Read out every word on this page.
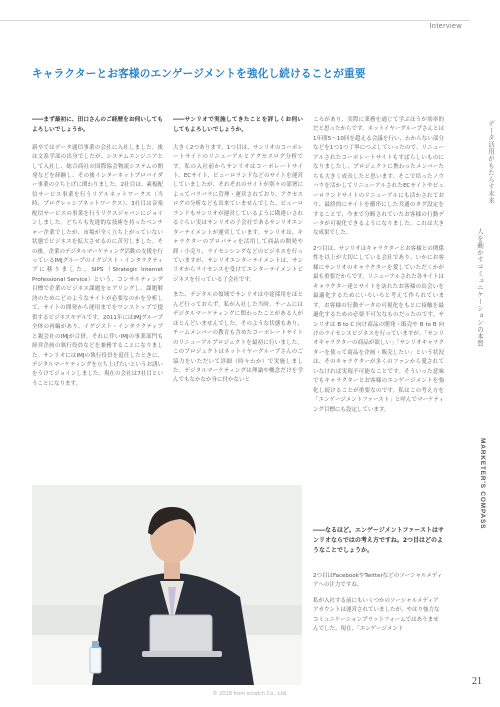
Interview
キャラクターとお客様のエンゲージメントを強化し続けることが重要

――まず最初に、田口さんのご経歴をお伺いしてもよろしいでしょうか。

新卒ではデータ通信事業の会社に入社しました。後は文系学部の出身でしたが、システムエンジニアとして入社し、総合商社の国際協会物流システムの開発などを経験し、その後インターネットプロバイダー事業の立ち上げに関わりました。2社目は、素板配信サービス事業を行うリアルネットワークス（当時、プログレッシブネットワークス）、3社目は音楽配信サービスの事業を行うリクスジャパンにジョインしました。どちらも先進的な技術を持ったベンチャー企業でしたが、市場が全く立ち上がっていない状態でビジネスを拡大させるのに苦労しました。その後、企業のデジタルマーケティング活動の支援を行っているIMJグループのイグジスト・インタラクティブに移りました。SIPS（Strategic Internet Professional Service）という、コンサルティング目標で企業のビジネス課題をヒアリングし、課題解決のためにどのようなサイトが必要なのかを分析して、サイトの開発から運用までをワンストップで提供するビジネスモデルです。2011年にはIMJグループ全体の再編があり、イグジスト・インタラクティブと親会社のIMJが合併。それに伴いIMJの事業部門も経営企画の執行役員などを兼務することになりました。サンリオにはIMJの執行役員を退任したときに、デジタルマーケティングを立ち上げたいというお誘いをうけてジョインしました。現在の会社は7社目ということになります。

――サンリオで実施してきたことを詳しくお伺いしてもよろしいでしょうか。

大きく2つあります。1つ目は、サンリオのコーポレートサイトのリニューアルとアクセスログ分析です。私の入社前からサンリオはコーポレートサイト、ECサイト、ピューロランドなどのサイトを運営していましたが、それぞれのサイトが別々の部署によってバラバラに管理・運営されており、アクセスログの分析なども出来ていませんでした。ピューロランドもサンリオが運営しているように勘違いされるぐらい実はサンリオの子会社であるサンリオエンターテイメントが運営しています。サンリオは、キャラクターのプロパティを活用して商品の開発や卸・小売り、ライセンシングなどのビジネスを行っていますが、サンリオエンターテイメントは、サンリオからライセンスを受けてエンターテイメントビジネスを行っている子会社です。

また、デジタルの領域でサンリオは中途採用をほとんど行っておらず、私が入社した当時、チームにはデジタルマーケティングに関わったことがある人がほとんどいませんでした。そのような状態もあり、チームメンバーの教育も含めたコーポレートサイトのリニューアルプロジェクトを最初に行いました。このプロジェクトはネットイヤーグループさんのご協力をいただいて詳細（時々わか）で実施しました。デジタルマーケティングは理論や概念だけを学んでもなかなか身に付かないと

ころがあり、実際に業務を通じて学ぶほうが効率的だと思ったからです。ネットイヤーグループさんとは1年間5〜10回を超える会議を行い、わからない部分などを1つ1つ丁寧につぶしていったので、リニューアルされたコーポレートサイトもすばらしいものになりましたし、プロジェクトに携わったメンバーたちも大きく成長したと思います。そこで培ったノウハウを活かしてリニューアルされたECサイトやピューロランドサイトのリニューアルにも活かされており、最終的にサイトを横串にした共通のタグ設定をすることで、今まで分断されていたお客様の行動データが可視化できるようになりました。これは大きな成果でした。

2つ目は、サンリオはキャラクターとお客様との関係性を以上が大切にしている会社であり、いかにお客様にサンリオのキャラクターを愛していただくかが最も重要だからです。リニューアルされた各サイトはキャラクター達とサイトを訪れたお客様の出会いを最適化するためにいろいろと考えて作られています。お客様の行動データの可視化をもとに接触を最適化するための必要不可欠なものだったのです。サンリオは B to C 向け商品の開発・販売や B to B 向けのライセンスビジネスを行っていますが、「サンリオキャラクターの商品が欲しい」「サンリオキャラクターを使って商品を企画・販売したい」という状況は、そのキャラクターが多くのファンから愛されていなければ実現不可能なことです。そういった意味でもキャラクターとお客様のエンゲージメントを強化し続けることが重要なのです。私はこの考え方を「エンゲージメントファースト」と呼んでマーケティング目標にも設定しています。

――なるほど。エンゲージメントファーストはサンリオならではの考え方ですね。2つ目はどのようなことでしょうか。

2つ目はFacebookやTwitterなどのソーシャルメディアへの注力ですね。

私が入社する前にもいくつかのソーシャルメディアアカウントは運営されていましたが、やはり強力なコミュニケーションプラットフォームではありませんでした。現在、「エンゲージメント

データ活用がもたらす未来
人を動かすコミュニケーションの本質
MARKETER'S COMPASS
21
© 2018 from scratch Co., Ltd.
